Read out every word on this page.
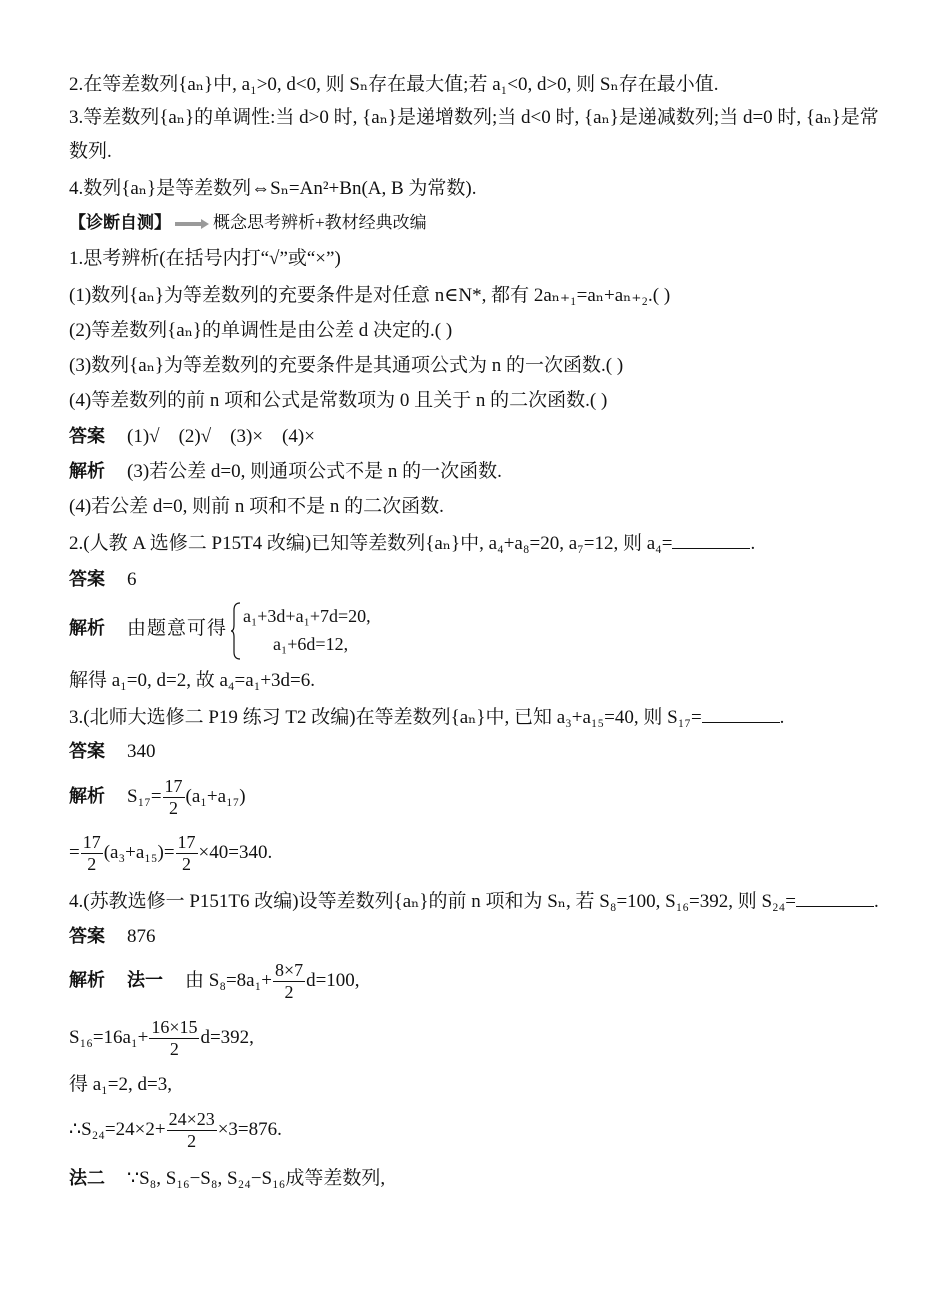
2.在等差数列{aₙ}中, a₁>0, d<0, 则 Sₙ存在最大值;若 a₁<0, d>0, 则 Sₙ存在最小值.
3.等差数列{aₙ}的单调性:当 d>0 时, {aₙ}是递增数列;当 d<0 时, {aₙ}是递减数列;当 d=0 时, {aₙ}是常数列.
4.数列{aₙ}是等差数列⇔Sₙ=An²+Bn(A, B 为常数).
【诊断自测】 概念思考辨析+教材经典改编
1.思考辨析(在括号内打“√”或“×”)
(1)数列{aₙ}为等差数列的充要条件是对任意 n∈N*, 都有 2aₙ₊₁=aₙ+aₙ₊₂.( )
(2)等差数列{aₙ}的单调性是由公差 d 决定的.( )
(3)数列{aₙ}为等差数列的充要条件是其通项公式为 n 的一次函数.( )
(4)等差数列的前 n 项和公式是常数项为 0 且关于 n 的二次函数.( )
答案 (1)√    (2)√    (3)×    (4)×
解析 (3)若公差 d=0, 则通项公式不是 n 的一次函数.
(4)若公差 d=0, 则前 n 项和不是 n 的二次函数.
2.(人教 A 选修二 P15T4 改编)已知等差数列{aₙ}中, a₄+a₈=20, a₇=12, 则 a₄=	.
答案 6
解析 由题意可得
a₁+3d+a₁+7d=20,
a₁+6d=12,
解得 a₁=0, d=2, 故 a₄=a₁+3d=6.
3.(北师大选修二 P19 练习 T2 改编)在等差数列{aₙ}中, 已知 a₃+a₁₅=40, 则 S₁₇=	.
答案 340
解析 $S_{17}= \frac{17}{2} (a_1+a_{17})$
= $\frac{17}{2} (a_3+a_{15})= \frac{17}{2} \times 40=340$.
4.(苏教选修一 P151T6 改编)设等差数列{aₙ}的前 n 项和为 Sₙ, 若 S₈=100, S₁₆=392, 则 S₂₄=	.
答案 876
解析 法一 由 $S_8=8a_1+ \frac{8\times 7}{2} d=100$,
$S_{16}=16a_1+ \frac{16\times 15}{2} d=392$,
得 a₁=2, d=3,
∴S₂₄=24×2+ $\frac{24\times 23}{2} \times 3=876$.
法二 ∵S₈, S₁₆−S₈, S₂₄−S₁₆成等差数列,
